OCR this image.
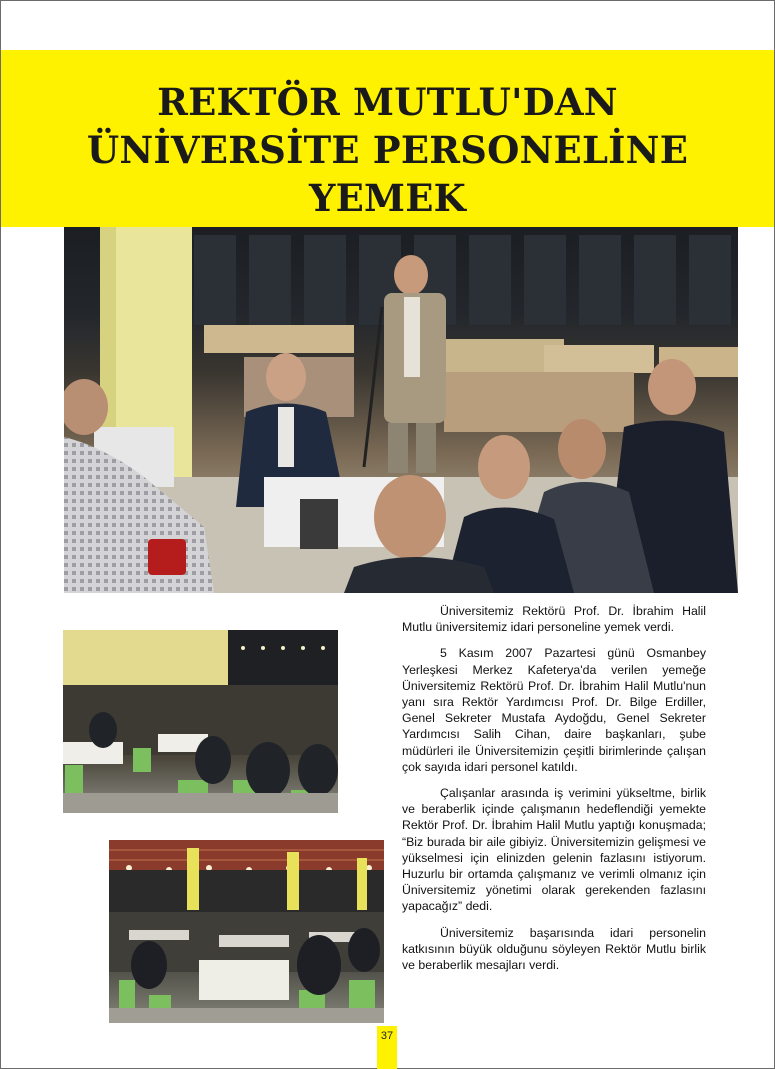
REKTÖR MUTLU'DAN
ÜNİVERSİTE PERSONELİNE
YEMEK

Üniversitemiz Rektörü Prof. Dr. İbrahim Halil Mutlu üniversitemiz idari personeline yemek verdi.

5 Kasım 2007 Pazartesi günü Osmanbey Yerleşkesi Merkez Kafeterya'da verilen yemeğe Üniversitemiz Rektörü Prof. Dr. İbrahim Halil Mutlu'nun yanı sıra Rektör Yardımcısı Prof. Dr. Bilge Erdiller, Genel Sekreter Mustafa Aydoğdu, Genel Sekreter Yardımcısı Salih Cihan, daire başkanları, şube müdürleri ile Üniversitemizin çeşitli birimlerinde çalışan çok sayıda idari personel katıldı.

Çalışanlar arasında iş verimini yükseltme, birlik ve beraberlik içinde çalışmanın hedeflendiği yemekte Rektör Prof. Dr. İbrahim Halil Mutlu yaptığı konuşmada; “Biz burada bir aile gibiyiz. Üniversitemizin gelişmesi ve yükselmesi için elinizden gelenin fazlasını istiyorum. Huzurlu bir ortamda çalışmanız ve verimli olmanız için Üniversitemiz yönetimi olarak gerekenden fazlasını yapacağız” dedi.

Üniversitemiz başarısında idari personelin katkısının büyük olduğunu söyleyen Rektör Mutlu birlik ve beraberlik mesajları verdi.

37
